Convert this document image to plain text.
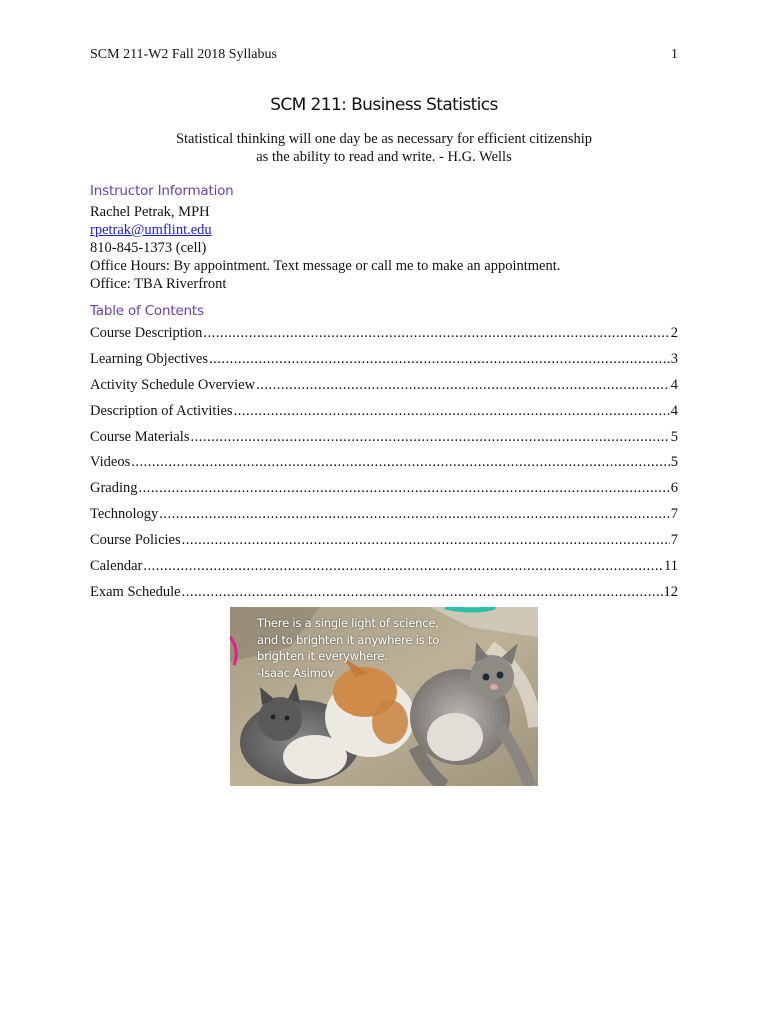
SCM 211-W2 Fall 2018 Syllabus	1
SCM 211: Business Statistics
Statistical thinking will one day be as necessary for efficient citizenship
as the ability to read and write. - H.G. Wells
Instructor Information
Rachel Petrak, MPH
rpetrak@umflint.edu
810-845-1373 (cell)
Office Hours: By appointment. Text message or call me to make an appointment.
Office: TBA Riverfront
Table of Contents
Course Description .....	2
Learning Objectives .....	3
Activity Schedule Overview .....	4
Description of Activities .....	4
Course Materials .....	5
Videos .....	5
Grading .....	6
Technology .....	7
Course Policies .....	7
Calendar .....	11
Exam Schedule .....	12
There is a single light of science,
and to brighten it anywhere is to
brighten it everywhere.
-Isaac Asimov
